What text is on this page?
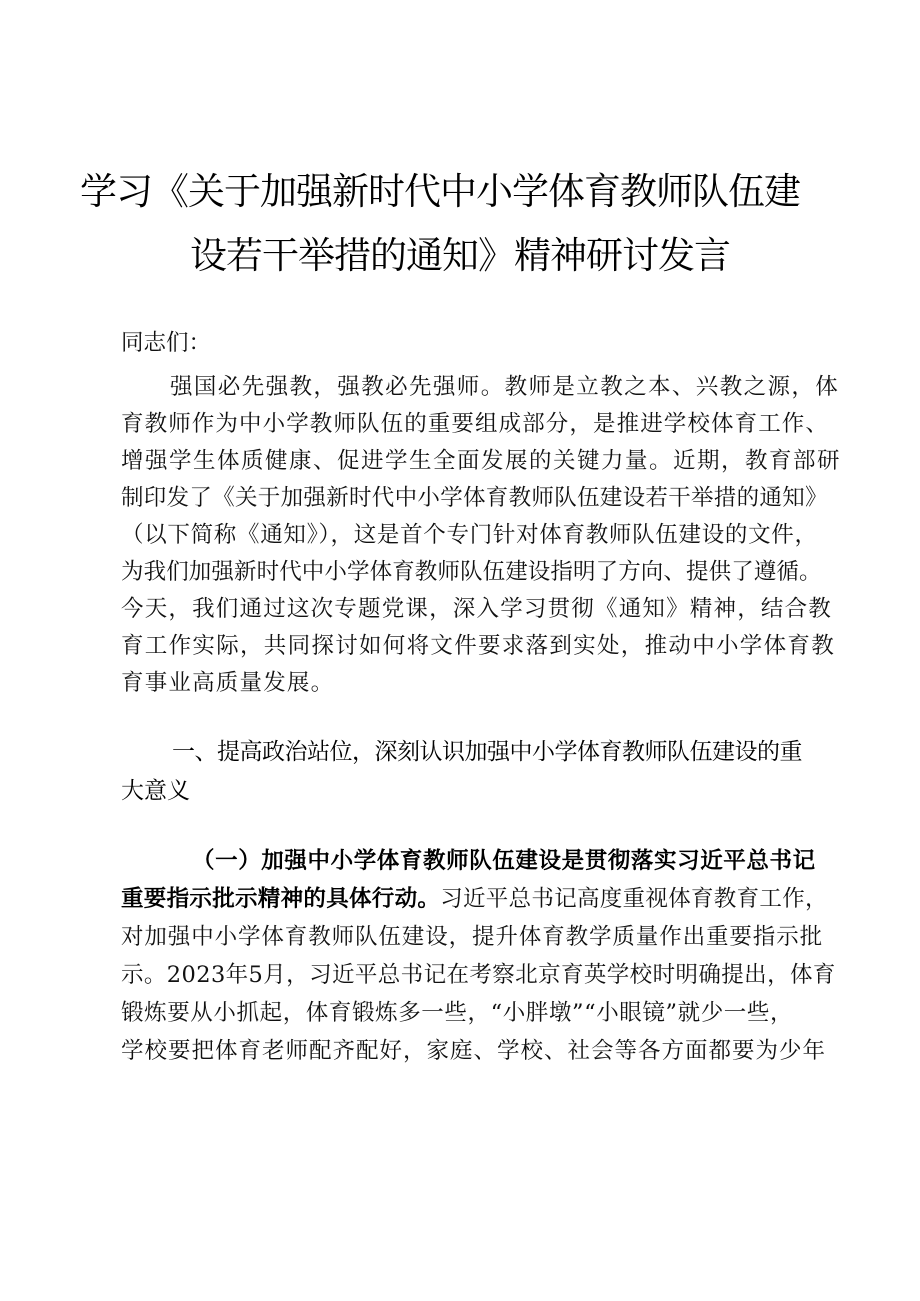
学习《关于加强新时代中小学体育教师队伍建
设若干举措的通知》精神研讨发言
同志们：
强国必先强教，强教必先强师。教师是立教之本、兴教之源，体
育教师作为中小学教师队伍的重要组成部分，是推进学校体育工作、
增强学生体质健康、促进学生全面发展的关键力量。近期，教育部研
制印发了《关于加强新时代中小学体育教师队伍建设若干举措的通知》
（以下简称《通知》），这是首个专门针对体育教师队伍建设的文件，
为我们加强新时代中小学体育教师队伍建设指明了方向、提供了遵循。
今天，我们通过这次专题党课，深入学习贯彻《通知》精神，结合教
育工作实际，共同探讨如何将文件要求落到实处，推动中小学体育教
育事业高质量发展。
一、提高政治站位，深刻认识加强中小学体育教师队伍建设的重
大意义
（一）加强中小学体育教师队伍建设是贯彻落实习近平总书记
重要指示批示精神的具体行动。习近平总书记高度重视体育教育工作，
对加强中小学体育教师队伍建设，提升体育教学质量作出重要指示批
示。2023年5月，习近平总书记在考察北京育英学校时明确提出，体育
锻炼要从小抓起，体育锻炼多一些，“小胖墩”“小眼镜”就少一些，
学校要把体育老师配齐配好，家庭、学校、社会等各方面都要为少年
